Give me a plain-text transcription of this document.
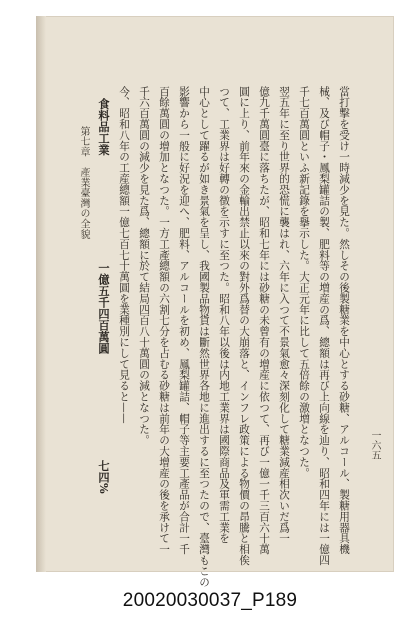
當打擊を受け一時減少を見た。然しその後製糖業を中心とする砂糖、アルコール、製糖用器具機
械、及び帽子・鳳梨罐詰の製、肥料等の増産の爲、總額は再び上向線を辿り、昭和四年には一億四
千七百萬圓といふ新記錄を擧示した。大正元年に比して五倍餘の激増となつた。
翌五年に至り世界的恐慌に襲はれ、六年に入つて不景氣愈々深刻化して糖業減産相次いだ爲一
億九千萬圓臺に落ちたが、昭和七年には砂糖の未曾有の增産に依つて、再び一億一千三百六十萬
圓に上り、前年來の金輸出禁止以來の對外爲替の大崩落と、インフレ政策による物價の昂騰と相俟
つて、工業界は好轉の徴を示すに至つた。昭和八年以後は内地工業界は國際商品及軍需工業を
中心として躍るが如き景氣を呈し、我國製品物貨は斷然世界各地に進出するに至つたので、臺灣もこの
影響から一般に好況を迎へ、肥料、アルコールを初め、鳳梨罐詰、帽子等主要工產品が合計一千
百餘萬圓の增加となつた。一方工產總額の六割七分を占むる砂糖は前年の大增産の後を承けて一
千六百萬圓の減少を見た爲、總額に於て結局四百八十萬圓の減となつた。
今、昭和八年の工産總額一億七百七十萬圓を業種別にして見ると——
食料品工業
一億五千四百萬圓
七四%
第七章　產業臺灣の全貌
一六五
20020030037_P189
